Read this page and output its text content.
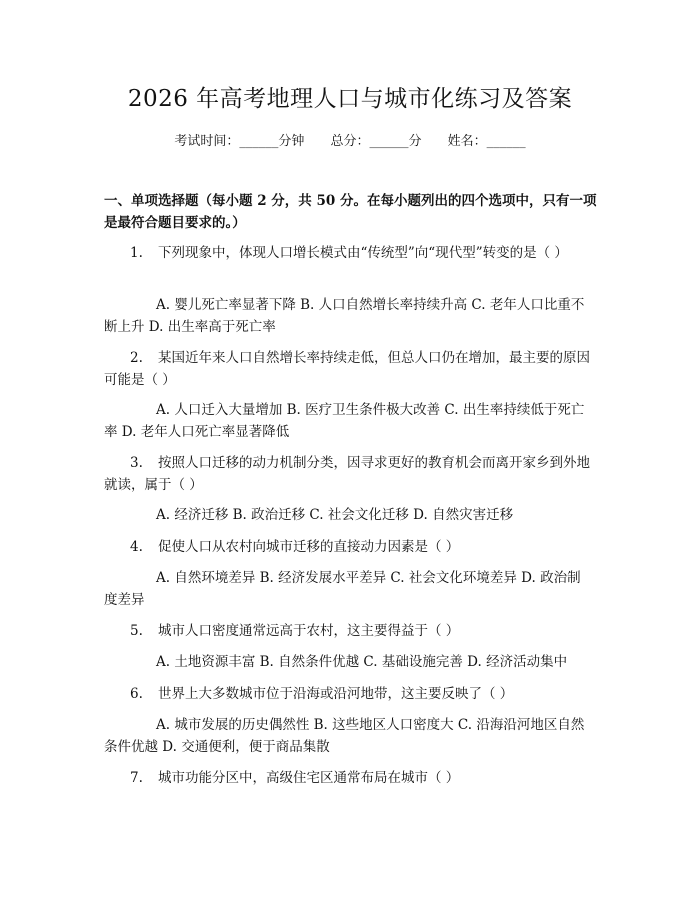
2026 年高考地理人口与城市化练习及答案
考试时间：______分钟 总分：______分 姓名：______
一、单项选择题（每小题 2 分，共 50 分。在每小题列出的四个选项中，只有一项是最符合题目要求的。）
1. 下列现象中，体现人口增长模式由“传统型”向“现代型”转变的是（ ）
A. 婴儿死亡率显著下降 B. 人口自然增长率持续升高 C. 老年人口比重不断上升 D. 出生率高于死亡率
2. 某国近年来人口自然增长率持续走低，但总人口仍在增加，最主要的原因可能是（ ）
A. 人口迁入大量增加 B. 医疗卫生条件极大改善 C. 出生率持续低于死亡率 D. 老年人口死亡率显著降低
3. 按照人口迁移的动力机制分类，因寻求更好的教育机会而离开家乡到外地就读，属于（ ）
A. 经济迁移 B. 政治迁移 C. 社会文化迁移 D. 自然灾害迁移
4. 促使人口从农村向城市迁移的直接动力因素是（ ）
A. 自然环境差异 B. 经济发展水平差异 C. 社会文化环境差异 D. 政治制度差异
5. 城市人口密度通常远高于农村，这主要得益于（ ）
A. 土地资源丰富 B. 自然条件优越 C. 基础设施完善 D. 经济活动集中
6. 世界上大多数城市位于沿海或沿河地带，这主要反映了（ ）
A. 城市发展的历史偶然性 B. 这些地区人口密度大 C. 沿海沿河地区自然条件优越 D. 交通便利，便于商品集散
7. 城市功能分区中，高级住宅区通常布局在城市（ ）
